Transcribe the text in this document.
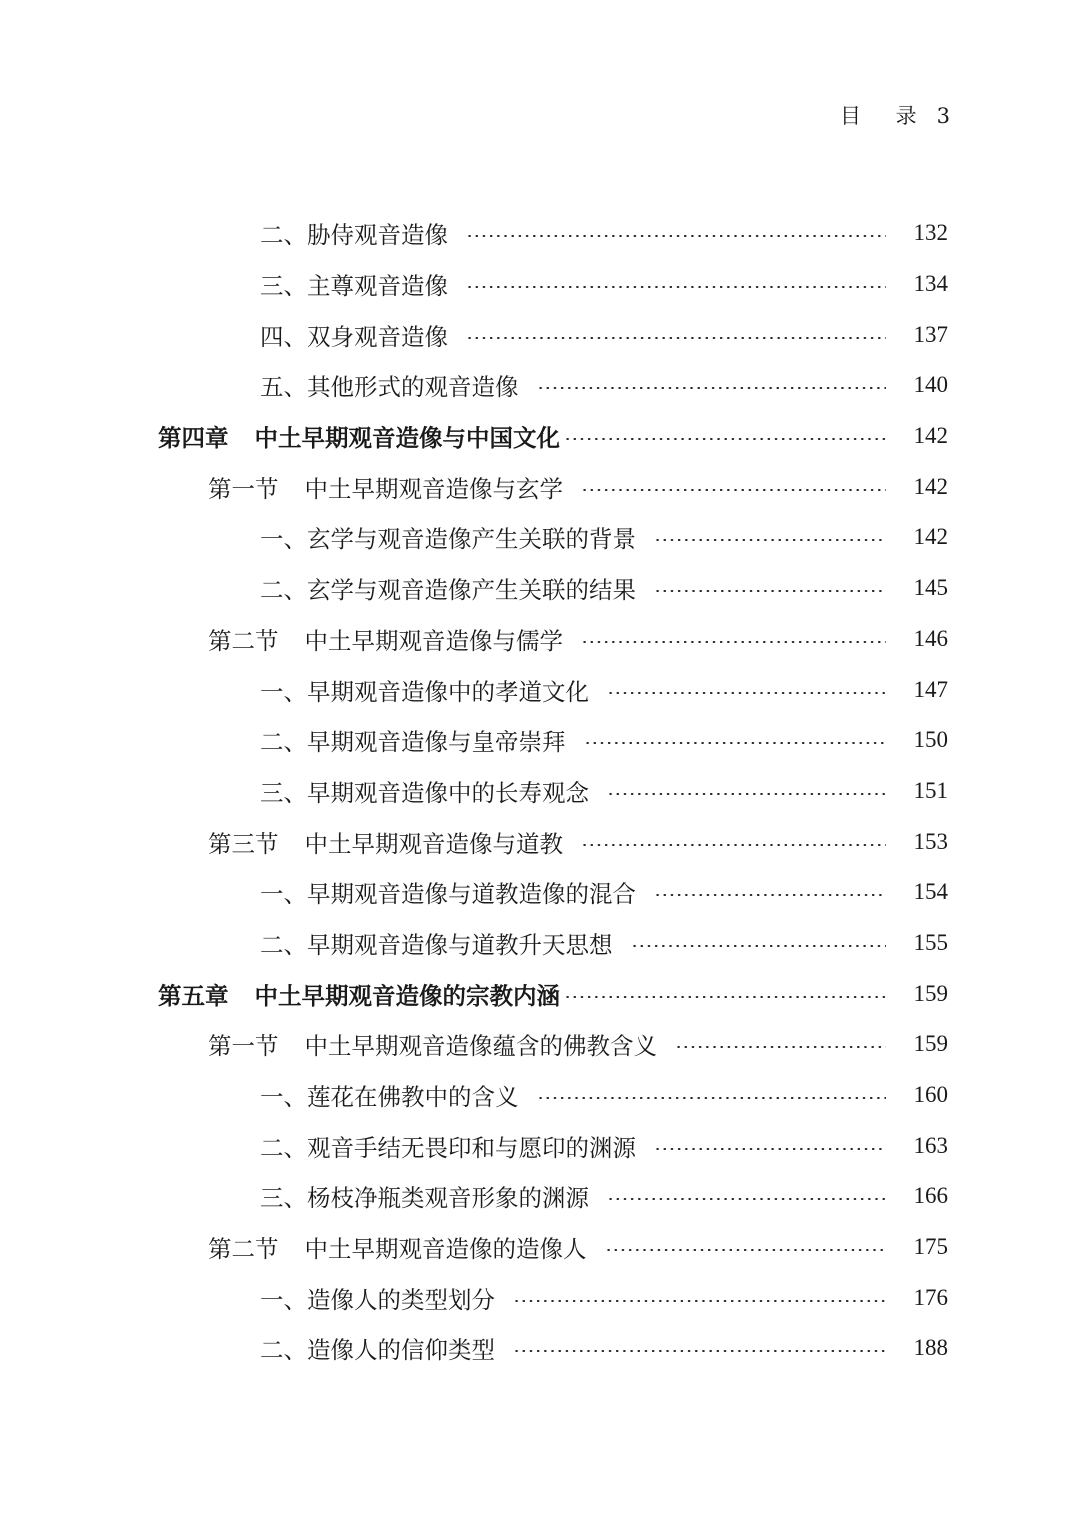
目 录 3
二、胁侍观音造像	132
三、主尊观音造像	134
四、双身观音造像	137
五、其他形式的观音造像	140
第四章 中土早期观音造像与中国文化	142
第一节 中土早期观音造像与玄学	142
一、玄学与观音造像产生关联的背景	142
二、玄学与观音造像产生关联的结果	145
第二节 中土早期观音造像与儒学	146
一、早期观音造像中的孝道文化	147
二、早期观音造像与皇帝崇拜	150
三、早期观音造像中的长寿观念	151
第三节 中土早期观音造像与道教	153
一、早期观音造像与道教造像的混合	154
二、早期观音造像与道教升天思想	155
第五章 中土早期观音造像的宗教内涵	159
第一节 中土早期观音造像蕴含的佛教含义	159
一、莲花在佛教中的含义	160
二、观音手结无畏印和与愿印的渊源	163
三、杨枝净瓶类观音形象的渊源	166
第二节 中土早期观音造像的造像人	175
一、造像人的类型划分	176
二、造像人的信仰类型	188
